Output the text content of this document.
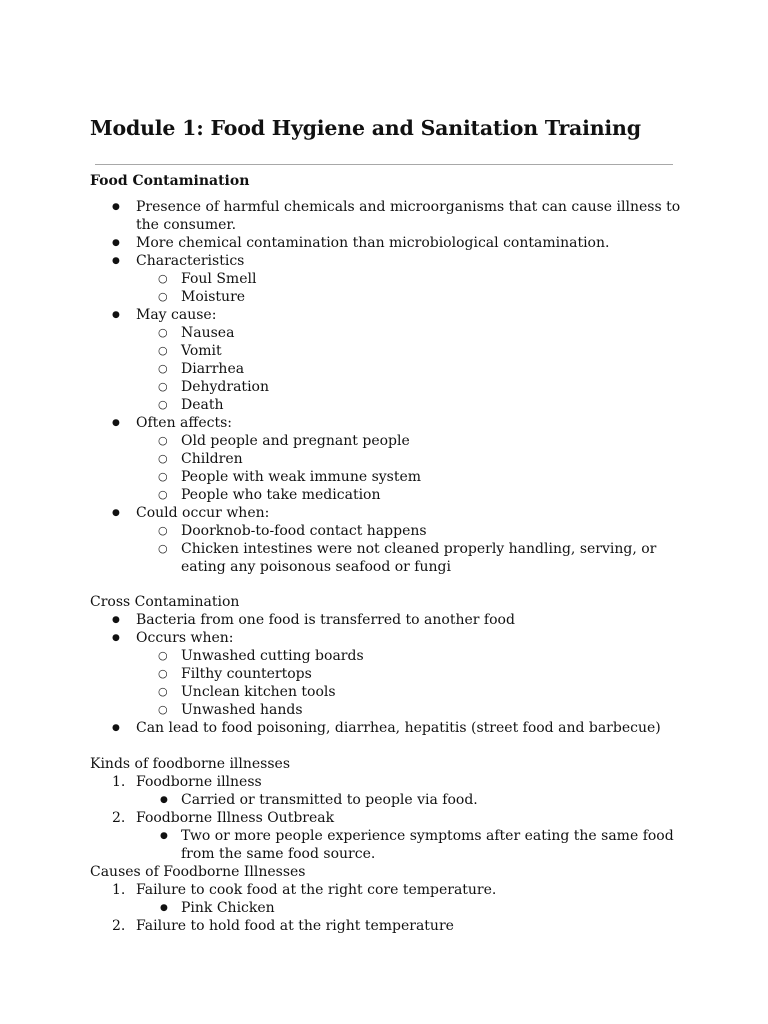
Module 1: Food Hygiene and Sanitation Training
Food Contamination
● Presence of harmful chemicals and microorganisms that can cause illness to the consumer.
● More chemical contamination than microbiological contamination.
● Characteristics
○ Foul Smell
○ Moisture
● May cause:
○ Nausea
○ Vomit
○ Diarrhea
○ Dehydration
○ Death
● Often affects:
○ Old people and pregnant people
○ Children
○ People with weak immune system
○ People who take medication
● Could occur when:
○ Doorknob-to-food contact happens
○ Chicken intestines were not cleaned properly handling, serving, or eating any poisonous seafood or fungi
Cross Contamination
● Bacteria from one food is transferred to another food
● Occurs when:
○ Unwashed cutting boards
○ Filthy countertops
○ Unclean kitchen tools
○ Unwashed hands
● Can lead to food poisoning, diarrhea, hepatitis (street food and barbecue)
Kinds of foodborne illnesses
1. Foodborne illness
● Carried or transmitted to people via food.
2. Foodborne Illness Outbreak
● Two or more people experience symptoms after eating the same food from the same food source.
Causes of Foodborne Illnesses
1. Failure to cook food at the right core temperature.
● Pink Chicken
2. Failure to hold food at the right temperature
